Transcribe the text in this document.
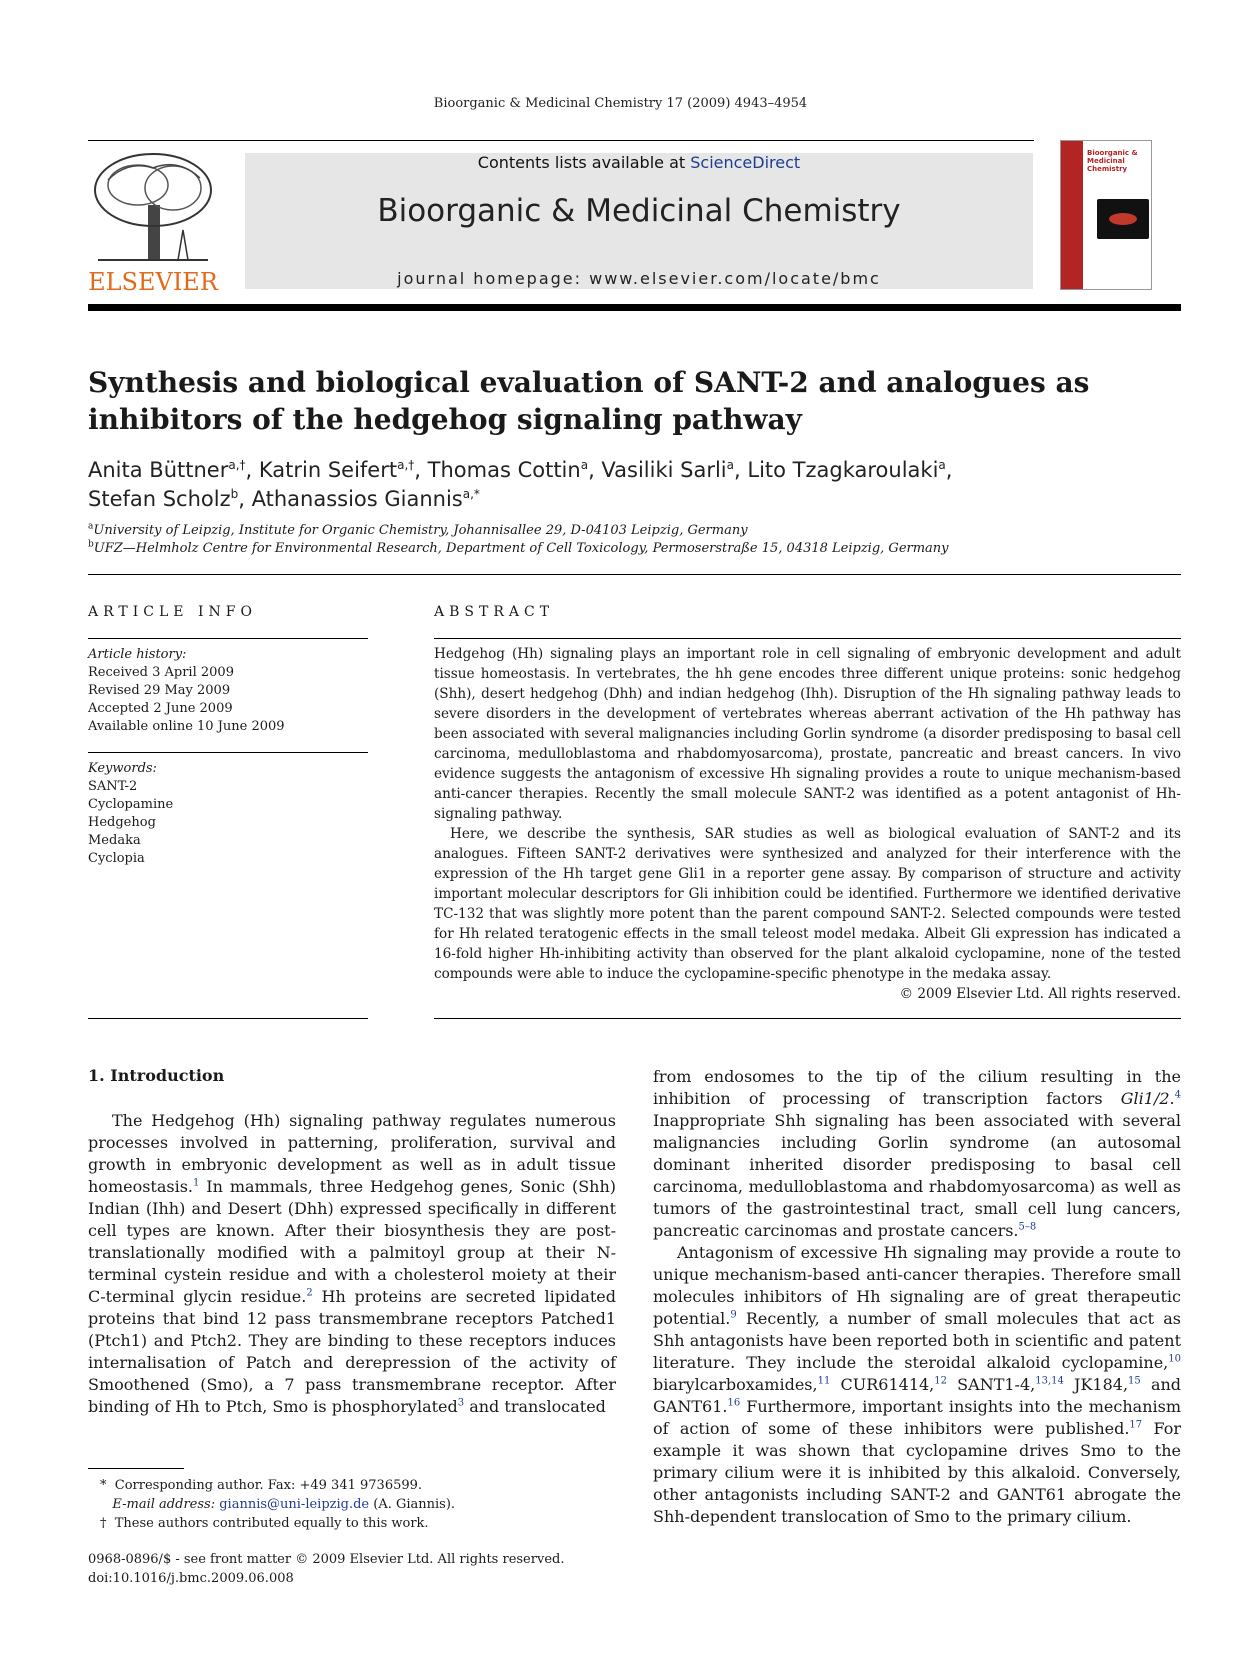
Bioorganic & Medicinal Chemistry 17 (2009) 4943–4954
ELSEVIER
Contents lists available at ScienceDirect
Bioorganic & Medicinal Chemistry
journal homepage: www.elsevier.com/locate/bmc
Bioorganic & Medicinal Chemistry
Synthesis and biological evaluation of SANT-2 and analogues as inhibitors of the hedgehog signaling pathway
Anita Büttner$^{a,\dagger}$, Katrin Seifert$^{a,\dagger}$, Thomas Cottin$^a$, Vasiliki Sarli$^a$, Lito Tzagkaroulaki$^a$,
Stefan Scholz$^b$, Athanassios Giannis$^{a,*}$
$^a$University of Leipzig, Institute for Organic Chemistry, Johannisallee 29, D-04103 Leipzig, Germany
$^b$UFZ—Helmholz Centre for Environmental Research, Department of Cell Toxicology, Permoserstraße 15, 04318 Leipzig, Germany
ARTICLE INFO	ABSTRACT
Article history:
Received 3 April 2009
Revised 29 May 2009
Accepted 2 June 2009
Available online 10 June 2009
Keywords:
SANT-2
Cyclopamine
Hedgehog
Medaka
Cyclopia

Hedgehog (Hh) signaling plays an important role in cell signaling of embryonic development and adult tissue homeostasis. In vertebrates, the hh gene encodes three different unique proteins: sonic hedgehog (Shh), desert hedgehog (Dhh) and indian hedgehog (Ihh). Disruption of the Hh signaling pathway leads to severe disorders in the development of vertebrates whereas aberrant activation of the Hh pathway has been associated with several malignancies including Gorlin syndrome (a disorder predisposing to basal cell carcinoma, medulloblastoma and rhabdomyosarcoma), prostate, pancreatic and breast cancers. In vivo evidence suggests the antagonism of excessive Hh signaling provides a route to unique mechanism-based anti-cancer therapies. Recently the small molecule SANT-2 was identified as a potent antagonist of Hh-signaling pathway.

Here, we describe the synthesis, SAR studies as well as biological evaluation of SANT-2 and its analogues. Fifteen SANT-2 derivatives were synthesized and analyzed for their interference with the expression of the Hh target gene Gli1 in a reporter gene assay. By comparison of structure and activity important molecular descriptors for Gli inhibition could be identified. Furthermore we identified derivative TC-132 that was slightly more potent than the parent compound SANT-2. Selected compounds were tested for Hh related teratogenic effects in the small teleost model medaka. Albeit Gli expression has indicated a 16-fold higher Hh-inhibiting activity than observed for the plant alkaloid cyclopamine, none of the tested compounds were able to induce the cyclopamine-specific phenotype in the medaka assay.

© 2009 Elsevier Ltd. All rights reserved.
1. Introduction

The Hedgehog (Hh) signaling pathway regulates numerous processes involved in patterning, proliferation, survival and growth in embryonic development as well as in adult tissue homeostasis.$^1$ In mammals, three Hedgehog genes, Sonic (Shh) Indian (Ihh) and Desert (Dhh) expressed specifically in different cell types are known. After their biosynthesis they are post-translationally modified with a palmitoyl group at their N-terminal cystein residue and with a cholesterol moiety at their C-terminal glycin residue.$^2$ Hh proteins are secreted lipidated proteins that bind 12 pass transmembrane receptors Patched1 (Ptch1) and Ptch2. They are binding to these receptors induces internalisation of Patch and derepression of the activity of Smoothened (Smo), a 7 pass transmembrane receptor. After binding of Hh to Ptch, Smo is phosphorylated$^3$ and translocated

from endosomes to the tip of the cilium resulting in the inhibition of processing of transcription factors Gli1/2.$^4$ Inappropriate Shh signaling has been associated with several malignancies including Gorlin syndrome (an autosomal dominant inherited disorder predisposing to basal cell carcinoma, medulloblastoma and rhabdomyosarcoma) as well as tumors of the gastrointestinal tract, small cell lung cancers, pancreatic carcinomas and prostate cancers.$^{5-8}$

Antagonism of excessive Hh signaling may provide a route to unique mechanism-based anti-cancer therapies. Therefore small molecules inhibitors of Hh signaling are of great therapeutic potential.$^9$ Recently, a number of small molecules that act as Shh antagonists have been reported both in scientific and patent literature. They include the steroidal alkaloid cyclopamine,$^{10}$ biarylcarboxamides,$^{11}$ CUR61414,12 SANT1-4,$^{13,14}$ JK184,15 and GANT61.16 Furthermore, important insights into the mechanism of action of some of these inhibitors were published.$^{17}$ For example it was shown that cyclopamine drives Smo to the primary cilium were it is inhibited by this alkaloid. Conversely, other antagonists including SANT-2 and GANT61 abrogate the Shh-dependent translocation of Smo to the primary cilium.

* Corresponding author. Fax: +49 341 9736599.
E-mail address: giannis@uni-leipzig.de (A. Giannis).
† These authors contributed equally to this work.
0968-0896/$ - see front matter © 2009 Elsevier Ltd. All rights reserved.
doi:10.1016/j.bmc.2009.06.008
